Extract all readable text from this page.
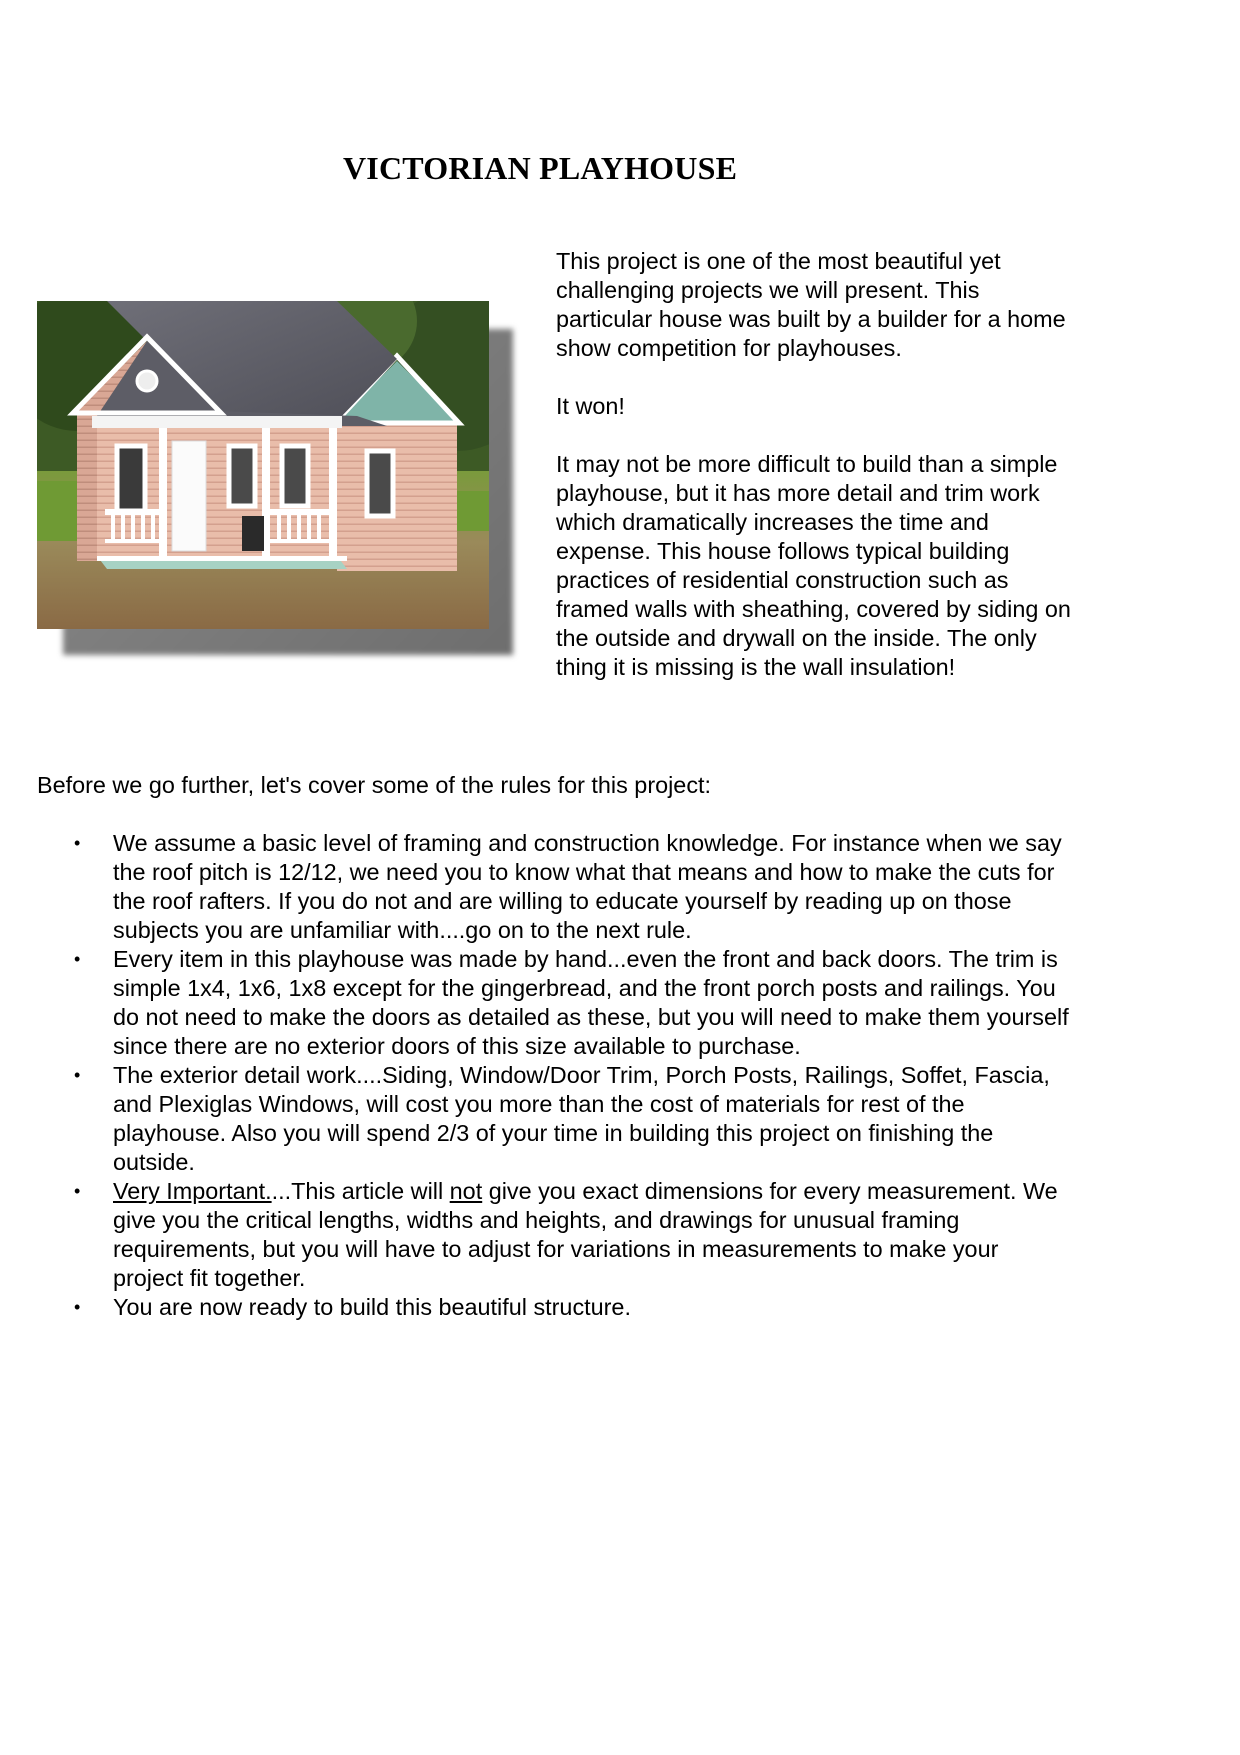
VICTORIAN PLAYHOUSE

This project is one of the most beautiful yet challenging projects we will present. This particular house was built by a builder for a home show competition for playhouses.

It won!

It may not be more difficult to build than a simple playhouse, but it has more detail and trim work which dramatically increases the time and expense. This house follows typical building practices of residential construction such as framed walls with sheathing, covered by siding on the outside and drywall on the inside. The only thing it is missing is the wall insulation!

Before we go further, let's cover some of the rules for this project:

• We assume a basic level of framing and construction knowledge. For instance when we say the roof pitch is 12/12, we need you to know what that means and how to make the cuts for the roof rafters. If you do not and are willing to educate yourself by reading up on those subjects you are unfamiliar with....go on to the next rule.
• Every item in this playhouse was made by hand...even the front and back doors. The trim is simple 1x4, 1x6, 1x8 except for the gingerbread, and the front porch posts and railings. You do not need to make the doors as detailed as these, but you will need to make them yourself since there are no exterior doors of this size available to purchase.
• The exterior detail work....Siding, Window/Door Trim, Porch Posts, Railings, Soffet, Fascia, and Plexiglas Windows, will cost you more than the cost of materials for rest of the playhouse. Also you will spend 2/3 of your time in building this project on finishing the outside.
• Very Important....This article will not give you exact dimensions for every measurement. We give you the critical lengths, widths and heights, and drawings for unusual framing requirements, but you will have to adjust for variations in measurements to make your project fit together.
• You are now ready to build this beautiful structure.
